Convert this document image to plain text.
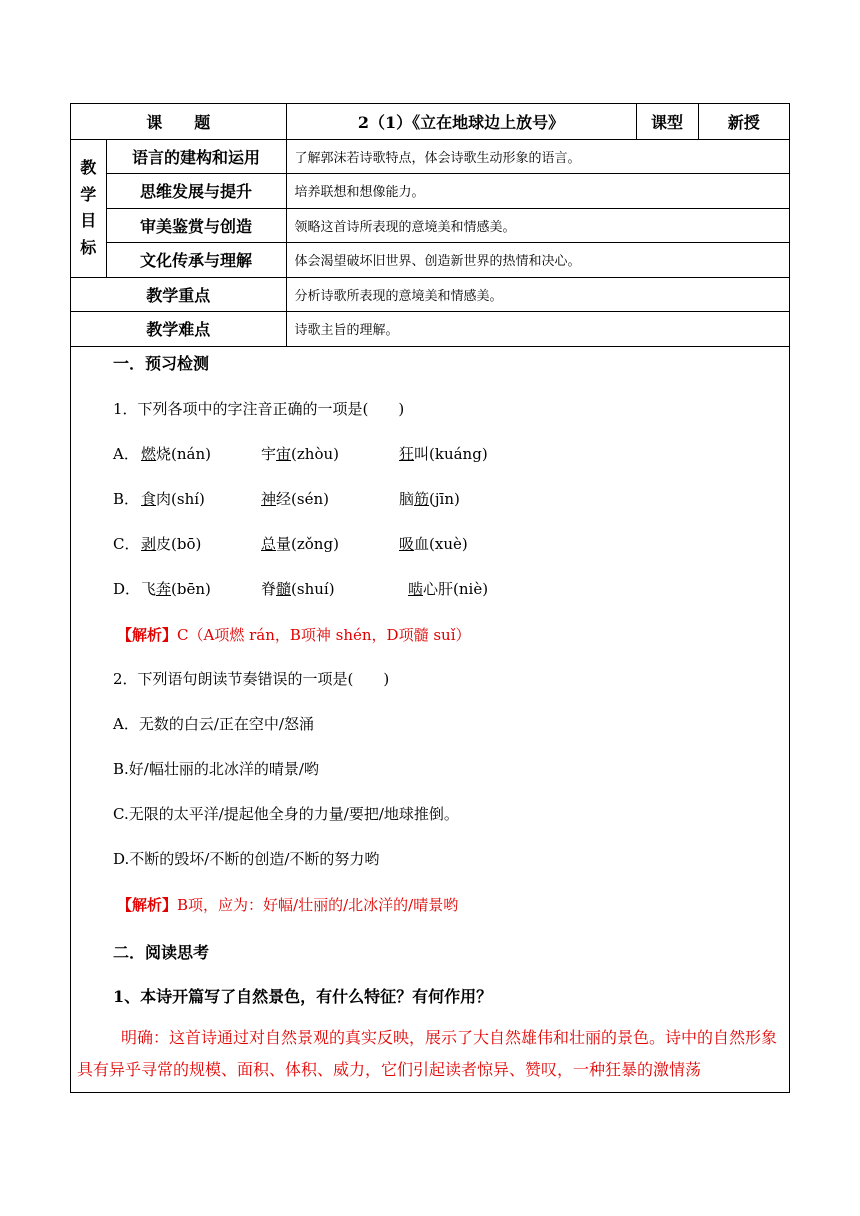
课　　题		2（1）《立在地球边上放号》	课型	新授

教
学
目
标	语言的建构和运用	了解郭沫若诗歌特点，体会诗歌生动形象的语言。		
	思维发展与提升	培养联想和想像能力。		
	审美鉴赏与创造	领略这首诗所表现的意境美和情感美。		
	文化传承与理解	体会渴望破坏旧世界、创造新世界的热情和决心。		
教学重点		分析诗歌所表现的意境美和情感美。		
教学难点		诗歌主旨的理解。		
一．预习检测
1．下列各项中的字注音正确的一项是(　　)
A． 燃烧(nán)	宇宙(zhòu)	狂叫(kuáng)
B． 食肉(shí)	神经(sén)	脑筋(jīn)
C． 剥皮(bō)	总量(zǒng)	吸血(xuè)
D． 飞奔(bēn)	脊髓(shuí)	啮心肝(niè)
【解析】C（A项燃 rán，B项神 shén，D项髓 suǐ）
2．下列语句朗读节奏错误的一项是(　　)
A．无数的白云/正在空中/怒涌
B.好/幅壮丽的北冰洋的晴景/哟
C.无限的太平洋/提起他全身的力量/要把/地球推倒。
D.不断的毁坏/不断的创造/不断的努力哟
【解析】B项，应为：好幅/壮丽的/北冰洋的/晴景哟
二．阅读思考
1、本诗开篇写了自然景色，有什么特征？有何作用？
明确：这首诗通过对自然景观的真实反映，展示了大自然雄伟和壮丽的景色。诗中的自然形象具有异乎寻常的规模、面积、体积、威力，它们引起读者惊异、赞叹，一种狂暴的激情荡
